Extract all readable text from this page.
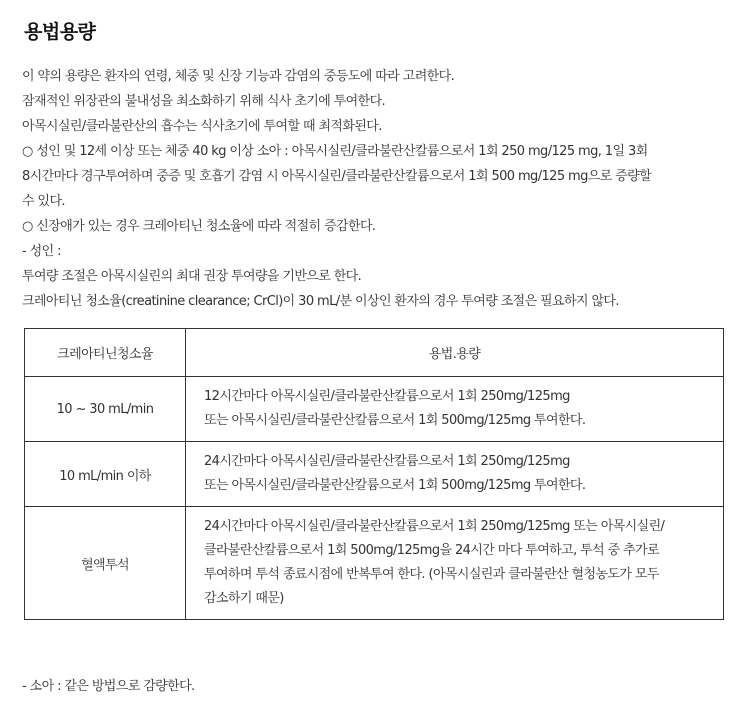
용법용량
이 약의 용량은 환자의 연령, 체중 및 신장 기능과 감염의 중등도에 따라 고려한다.
잠재적인 위장관의 불내성을 최소화하기 위해 식사 초기에 투여한다.
아목시실린/클라불란산의 흡수는 식사초기에 투여할 때 최적화된다.
○ 성인 및 12세 이상 또는 체중 40 kg 이상 소아 : 아목시실린/클라불란산칼륨으로서 1회 250 mg/125 mg, 1일 3회
8시간마다 경구투여하며 중증 및 호흡기 감염 시 아목시실린/클라불란산칼륨으로서 1회 500 mg/125 mg으로 증량할
수 있다.
○ 신장애가 있는 경우 크레아티닌 청소율에 따라 적절히 증감한다.
- 성인 :
투여량 조절은 아목시실린의 최대 권장 투여량을 기반으로 한다.
크레아티닌 청소율(creatinine clearance; CrCl)이 30 mL/분 이상인 환자의 경우 투여량 조절은 필요하지 않다.
크레아티닌청소율	용법.용량
10 ~ 30 mL/min	12시간마다 아목시실린/클라불란산칼륨으로서 1회 250mg/125mg
또는 아목시실린/클라불란산칼륨으로서 1회 500mg/125mg 투여한다.

10 mL/min 이하	24시간마다 아목시실린/클라불란산칼륨으로서 1회 250mg/125mg
또는 아목시실린/클라불란산칼륨으로서 1회 500mg/125mg 투여한다.

혈액투석	24시간마다 아목시실린/클라불란산칼륨으로서 1회 250mg/125mg 또는 아목시실린/
클라불란산칼륨으로서 1회 500mg/125mg을 24시간 마다 투여하고, 투석 중 추가로
투여하며 투석 종료시점에 반복투여 한다. (아목시실린과 클라불란산 혈청농도가 모두
감소하기 때문)
- 소아 : 같은 방법으로 감량한다.
